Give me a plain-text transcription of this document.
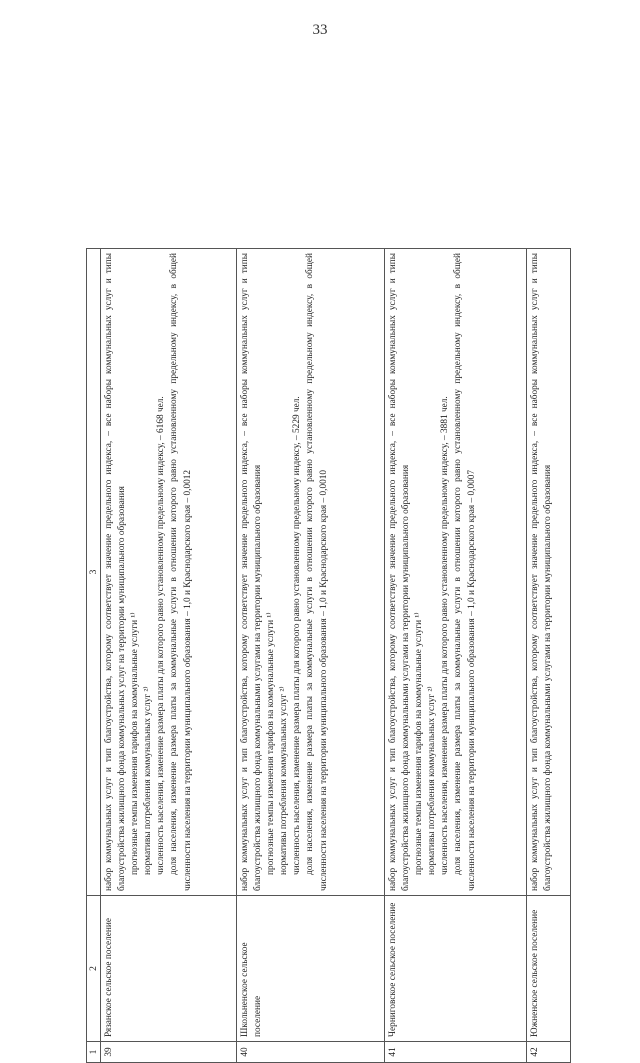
33
1	2	3
39	Рязанское сельское поселение	набор коммунальных услуг и тип благоустройства, которому соответствует значение предельного индекса, – все наборы коммунальных услуг и типы благоустройства жилищного фонда коммунальных услуг на территории муниципального образования прогнозные темпы изменения тарифов на коммунальные услуги ¹⁾ нормативы потребления коммунальных услуг ²⁾ численность населения, изменение размера платы для которого равно установленному предельному индексу, – 6168 чел. доля населения, изменение размера платы за коммунальные услуги в отношении которого равно установленному предельному индексу, в общей численности населения на территории муниципального образования – 1,0 и Краснодарского края – 0,0012

40	Школьненское сельское поселение	набор коммунальных услуг и тип благоустройства, которому соответствует значение предельного индекса, – все наборы коммунальных услуг и типы благоустройства жилищного фонда коммунальными услугами на территории муниципального образования прогнозные темпы изменения тарифов на коммунальные услуги ¹⁾ нормативы потребления коммунальных услуг ²⁾ численность населения, изменение размера платы для которого равно установленному предельному индексу, – 5229 чел. доля населения, изменение размера платы за коммунальные услуги в отношении которого равно установленному предельному индексу, в общей численности населения на территории муниципального образования – 1,0 и Краснодарского края – 0,0010

41	Черниговское сельское поселение	набор коммунальных услуг и тип благоустройства, которому соответствует значение предельного индекса, – все наборы коммунальных услуг и типы благоустройства жилищного фонда коммунальными услугами на территории муниципального образования прогнозные темпы изменения тарифов на коммунальные услуги ¹⁾ нормативы потребления коммунальных услуг ²⁾ численность населения, изменение размера платы для которого равно установленному предельному индексу, – 3881 чел. доля населения, изменение размера платы за коммунальные услуги в отношении которого равно установленному предельному индексу, в общей численности населения на территории муниципального образования – 1,0 и Краснодарского края – 0,0007

42	Южненское сельское поселение	набор коммунальных услуг и тип благоустройства, которому соответствует значение предельного индекса, – все наборы коммунальных услуг и типы благоустройства жилищного фонда коммунальными услугами на территории муниципального образования
